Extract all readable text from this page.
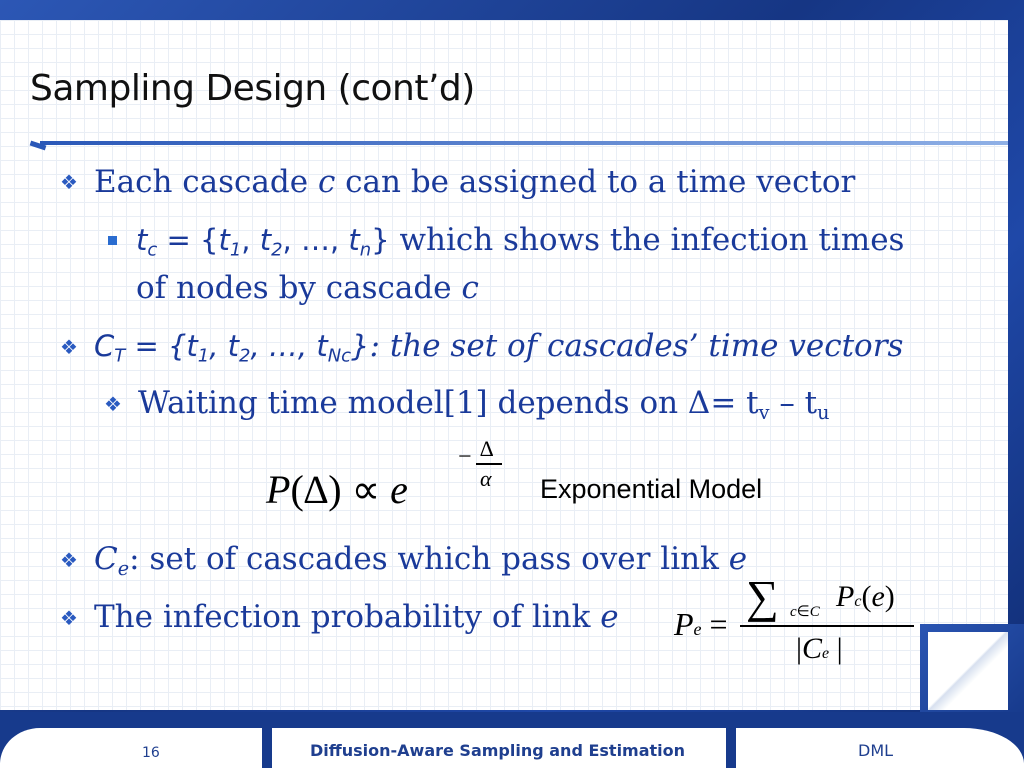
Sampling Design (cont’d)
❖ Each cascade c can be assigned to a time vector
$t_c = \{t_1$, $t_2$, …, $t_n$} which shows the infection times
of nodes by cascade c
❖ $C_T = \{t_1$, $t_2$, …, $t_{Nc}$}: the set of cascades’ time vectors
❖ Waiting time model[1] depends on $\Delta= t_v - t_u$
P(∆) ∝ e
− ∆
α Exponential Model
❖ $C_e$: set of cascades which pass over link e
❖ The infection probability of link e Pe =
∑ c∈C Pc(e)
|Ce |
16	Diffusion-Aware Sampling and Estimation	DML
